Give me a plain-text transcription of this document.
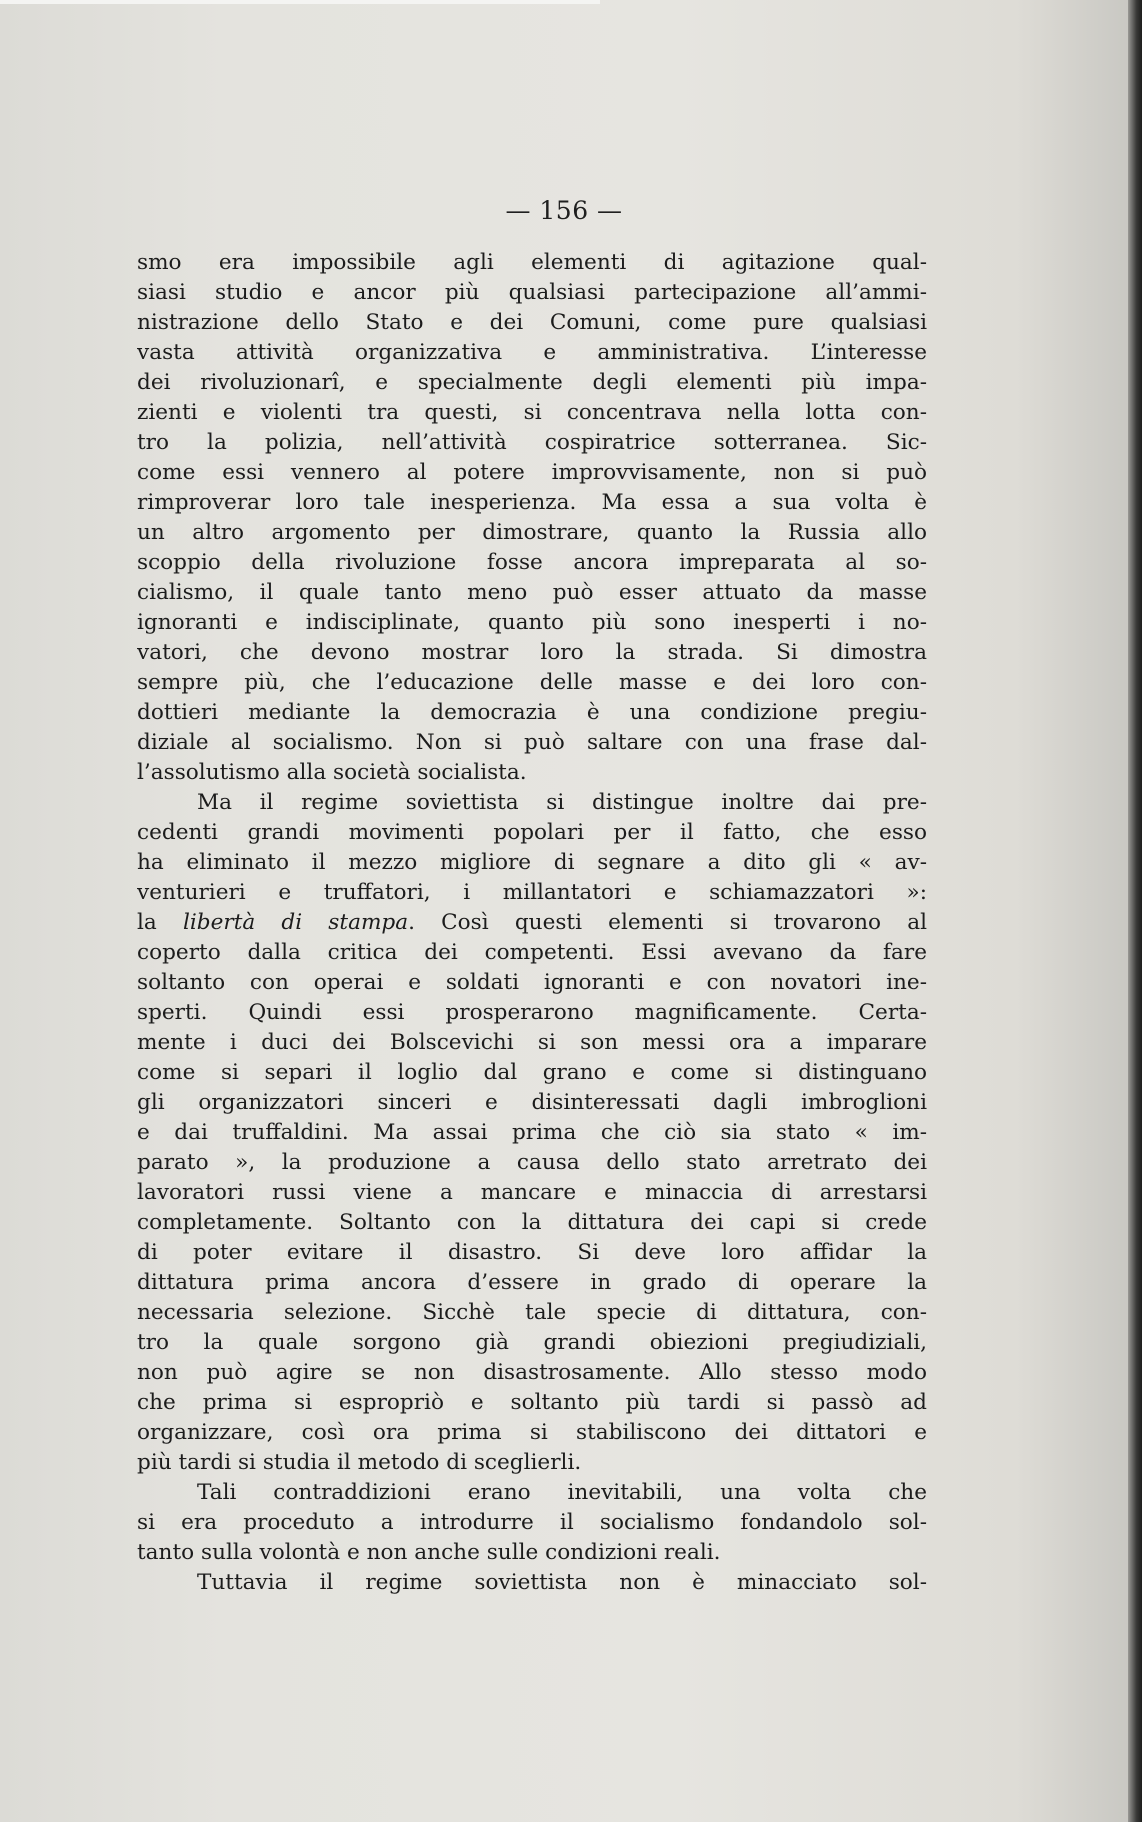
— 156 —
smo era impossibile agli elementi di agitazione qual-
siasi studio e ancor più qualsiasi partecipazione all’ammi-
nistrazione dello Stato e dei Comuni, come pure qualsiasi
vasta attività organizzativa e amministrativa. L’interesse
dei rivoluzionarî, e specialmente degli elementi più impa-
zienti e violenti tra questi, si concentrava nella lotta con-
tro la polizia, nell’attività cospiratrice sotterranea. Sic-
come essi vennero al potere improvvisamente, non si può
rimproverar loro tale inesperienza. Ma essa a sua volta è
un altro argomento per dimostrare, quanto la Russia allo
scoppio della rivoluzione fosse ancora impreparata al so-
cialismo, il quale tanto meno può esser attuato da masse
ignoranti e indisciplinate, quanto più sono inesperti i no-
vatori, che devono mostrar loro la strada. Si dimostra
sempre più, che l’educazione delle masse e dei loro con-
dottieri mediante la democrazia è una condizione pregiu-
diziale al socialismo. Non si può saltare con una frase dal-
l’assolutismo alla società socialista.
Ma il regime soviettista si distingue inoltre dai pre-
cedenti grandi movimenti popolari per il fatto, che esso
ha eliminato il mezzo migliore di segnare a dito gli « av-
venturieri e truffatori, i millantatori e schiamazzatori »:
la libertà di stampa. Così questi elementi si trovarono al
coperto dalla critica dei competenti. Essi avevano da fare
soltanto con operai e soldati ignoranti e con novatori ine-
sperti. Quindi essi prosperarono magnificamente. Certa-
mente i duci dei Bolscevichi si son messi ora a imparare
come si separi il loglio dal grano e come si distinguano
gli organizzatori sinceri e disinteressati dagli imbroglioni
e dai truffaldini. Ma assai prima che ciò sia stato « im-
parato », la produzione a causa dello stato arretrato dei
lavoratori russi viene a mancare e minaccia di arrestarsi
completamente. Soltanto con la dittatura dei capi si crede
di poter evitare il disastro. Si deve loro affidar la
dittatura prima ancora d’essere in grado di operare la
necessaria selezione. Sicchè tale specie di dittatura, con-
tro la quale sorgono già grandi obiezioni pregiudiziali,
non può agire se non disastrosamente. Allo stesso modo
che prima si espropriò e soltanto più tardi si passò ad
organizzare, così ora prima si stabiliscono dei dittatori e
più tardi si studia il metodo di sceglierli.
Tali contraddizioni erano inevitabili, una volta che
si era proceduto a introdurre il socialismo fondandolo sol-
tanto sulla volontà e non anche sulle condizioni reali.
Tuttavia il regime soviettista non è minacciato sol-
